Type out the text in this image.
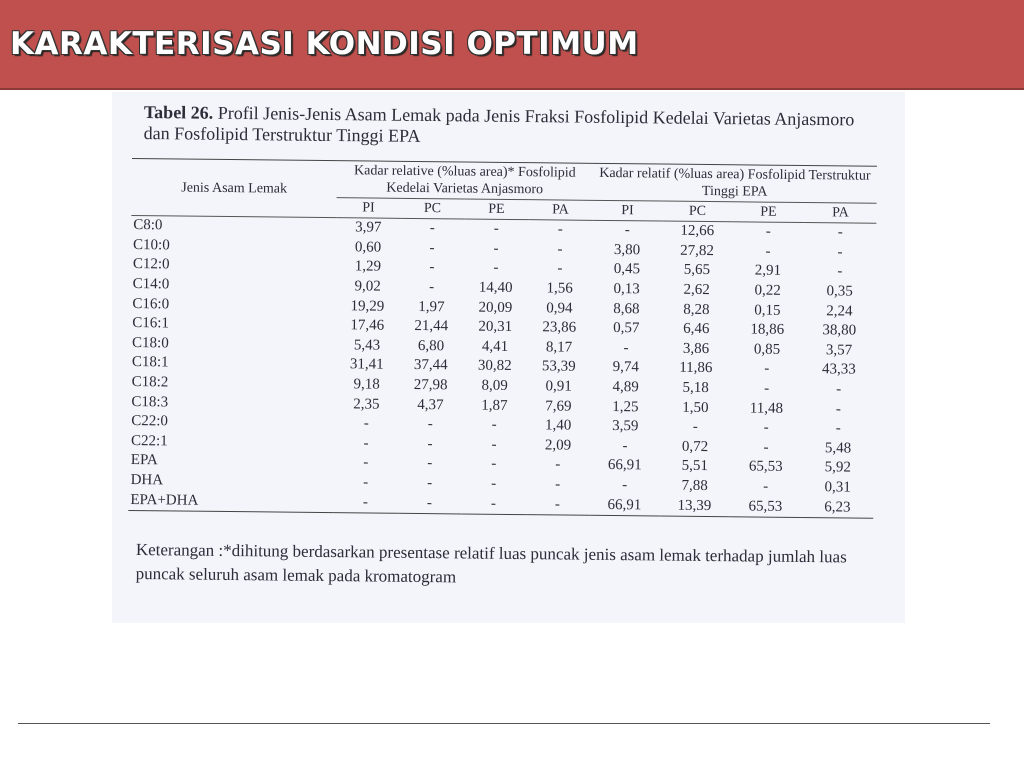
KARAKTERISASI KONDISI OPTIMUM
Tabel 26. Profil Jenis-Jenis Asam Lemak pada Jenis Fraksi Fosfolipid Kedelai Varietas Anjasmoro dan Fosfolipid Terstruktur Tinggi EPA
Jenis Asam Lemak	Kadar relative (%luas area)* Fosfolipid Kedelai Varietas Anjasmoro				Kadar relatif (%luas area) Fosfolipid Terstruktur Tinggi EPA			
	PI	PC	PE	PA	PI	PC	PE	PA
C8:0	3,97	-	-	-	-	12,66	-	-
C10:0	0,60	-	-	-	3,80	27,82	-	-
C12:0	1,29	-	-	-	0,45	5,65	2,91	-
C14:0	9,02	-	14,40	1,56	0,13	2,62	0,22	0,35
C16:0	19,29	1,97	20,09	0,94	8,68	8,28	0,15	2,24
C16:1	17,46	21,44	20,31	23,86	0,57	6,46	18,86	38,80
C18:0	5,43	6,80	4,41	8,17	-	3,86	0,85	3,57
C18:1	31,41	37,44	30,82	53,39	9,74	11,86	-	43,33
C18:2	9,18	27,98	8,09	0,91	4,89	5,18	-	-
C18:3	2,35	4,37	1,87	7,69	1,25	1,50	11,48	-
C22:0	-	-	-	1,40	3,59	-	-	-
C22:1	-	-	-	2,09	-	0,72	-	5,48
EPA	-	-	-	-	66,91	5,51	65,53	5,92
DHA	-	-	-	-	-	7,88	-	0,31
EPA+DHA	-	-	-	-	66,91	13,39	65,53	6,23
Keterangan :*dihitung berdasarkan presentase relatif luas puncak jenis asam lemak terhadap jumlah luas puncak seluruh asam lemak pada kromatogram
